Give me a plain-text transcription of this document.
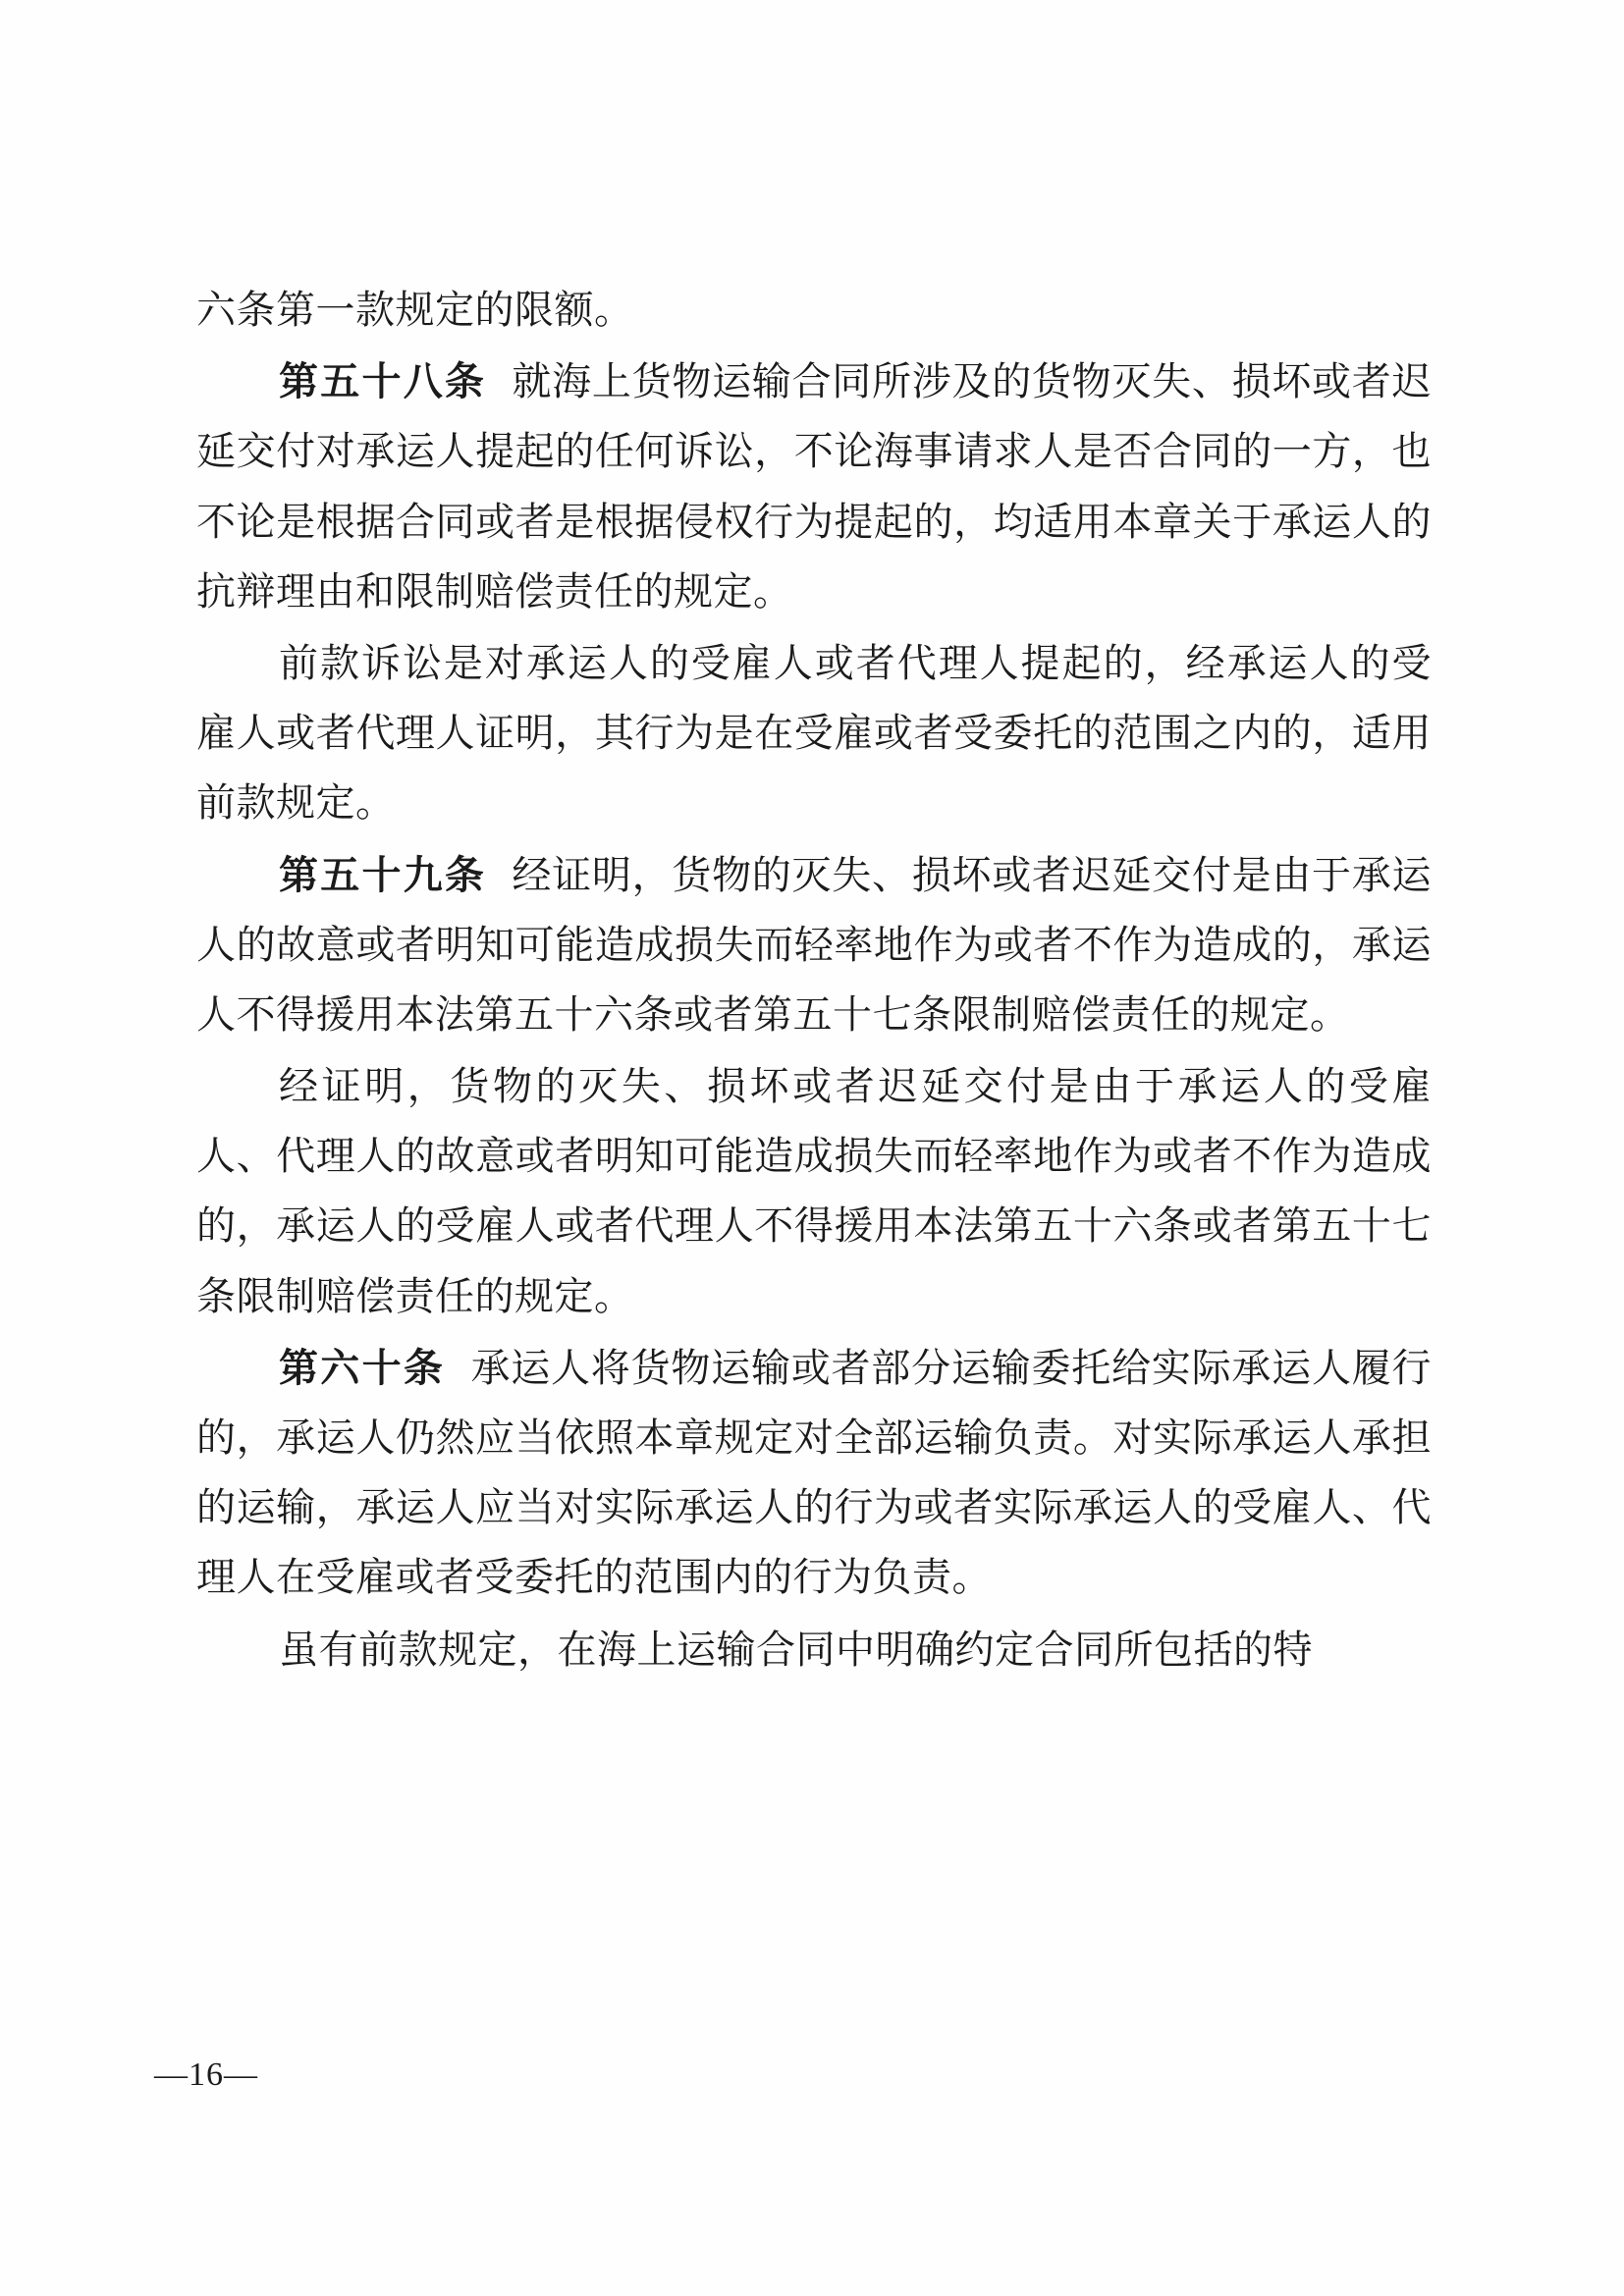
六条第一款规定的限额。

第五十八条 就海上货物运输合同所涉及的货物灭失、损坏或者迟延交付对承运人提起的任何诉讼，不论海事请求人是否合同的一方，也不论是根据合同或者是根据侵权行为提起的，均适用本章关于承运人的抗辩理由和限制赔偿责任的规定。

前款诉讼是对承运人的受雇人或者代理人提起的，经承运人的受雇人或者代理人证明，其行为是在受雇或者受委托的范围之内的，适用前款规定。

第五十九条 经证明，货物的灭失、损坏或者迟延交付是由于承运人的故意或者明知可能造成损失而轻率地作为或者不作为造成的，承运人不得援用本法第五十六条或者第五十七条限制赔偿责任的规定。

经证明，货物的灭失、损坏或者迟延交付是由于承运人的受雇人、代理人的故意或者明知可能造成损失而轻率地作为或者不作为造成的，承运人的受雇人或者代理人不得援用本法第五十六条或者第五十七条限制赔偿责任的规定。

第六十条 承运人将货物运输或者部分运输委托给实际承运人履行的，承运人仍然应当依照本章规定对全部运输负责。对实际承运人承担的运输，承运人应当对实际承运人的行为或者实际承运人的受雇人、代理人在受雇或者受委托的范围内的行为负责。

虽有前款规定，在海上运输合同中明确约定合同所包括的特

—16—
